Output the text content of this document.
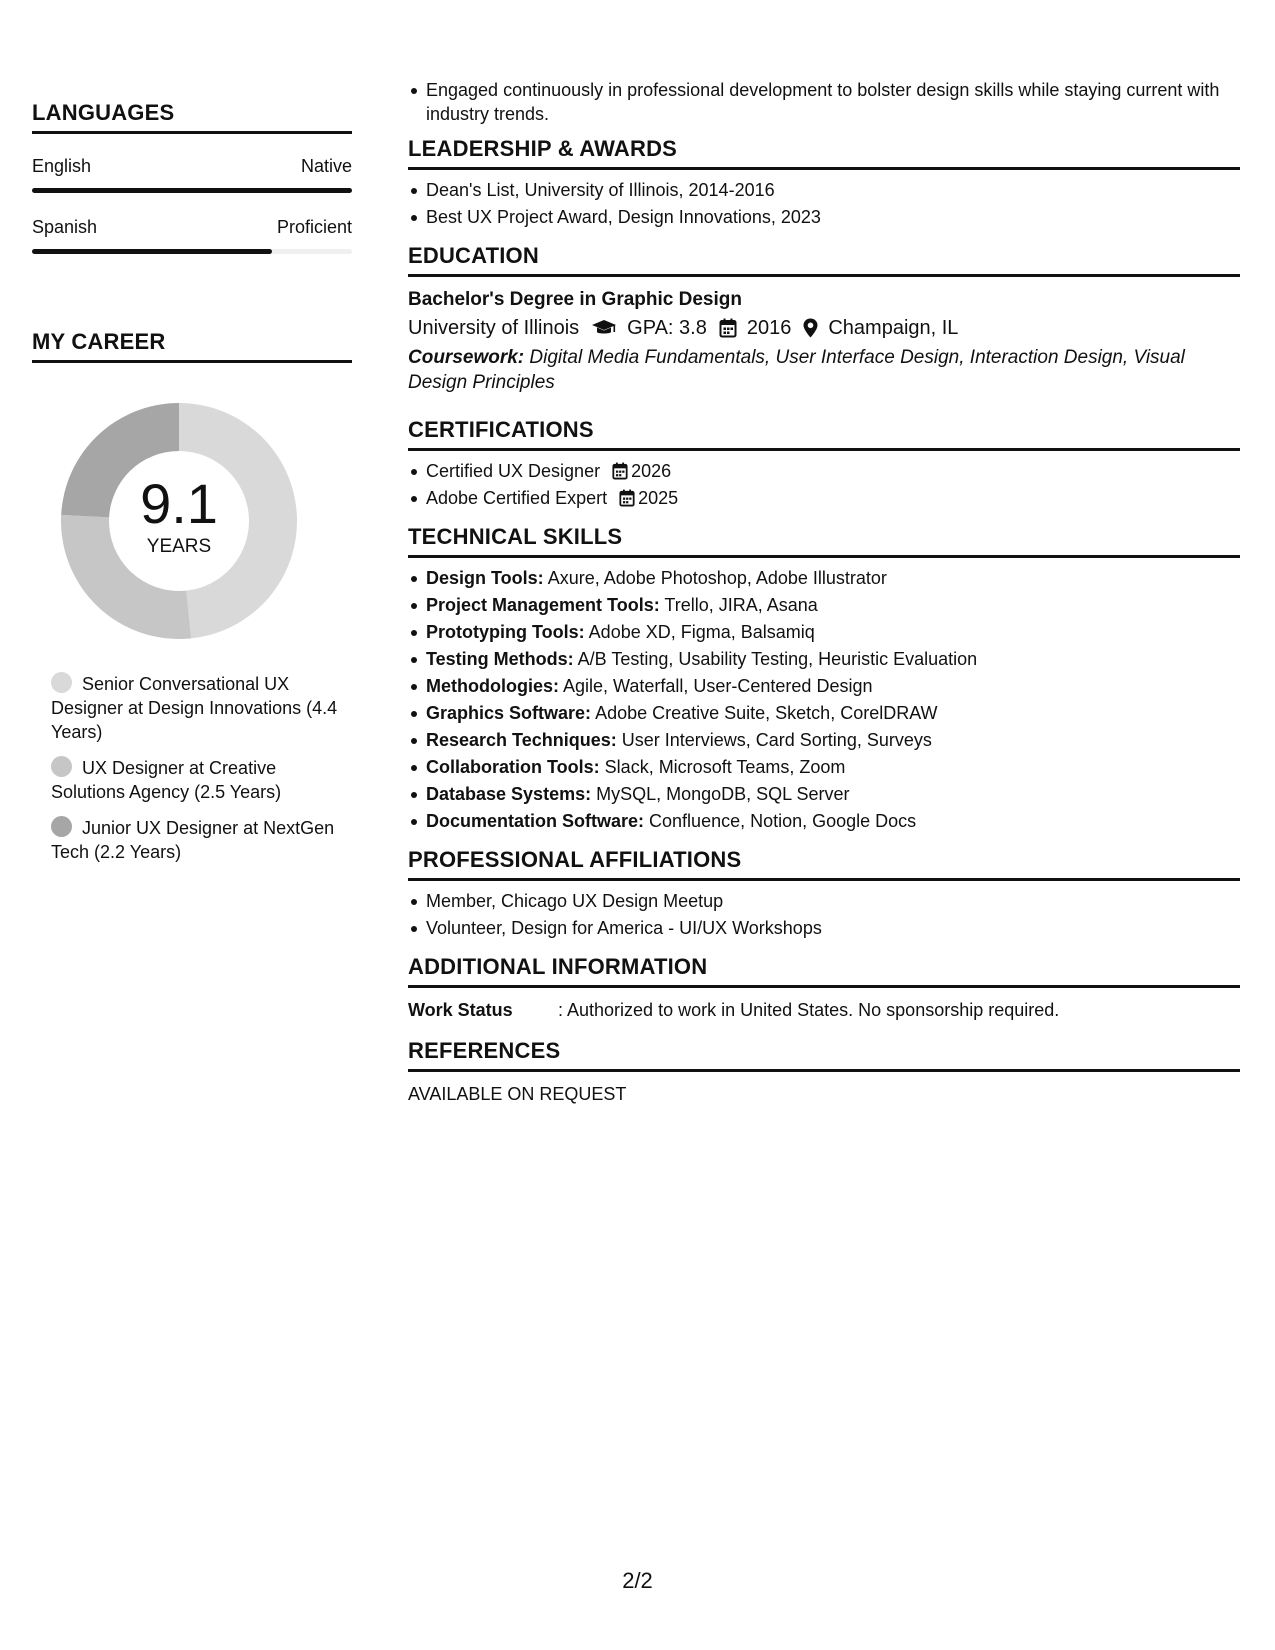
LANGUAGES
English	Native
Spanish	Proficient
MY CAREER
9.1
YEARS
Senior Conversational UX Designer at Design Innovations (4.4 Years)
UX Designer at Creative Solutions Agency (2.5 Years)
Junior UX Designer at NextGen Tech (2.2 Years)
Engaged continuously in professional development to bolster design skills while staying current with industry trends.
LEADERSHIP & AWARDS
Dean's List, University of Illinois, 2014-2016
Best UX Project Award, Design Innovations, 2023
EDUCATION
Bachelor's Degree in Graphic Design
University of Illinois GPA: 3.8 2016 Champaign, IL
Coursework: Digital Media Fundamentals, User Interface Design, Interaction Design, Visual Design Principles
CERTIFICATIONS
Certified UX Designer 2026
Adobe Certified Expert 2025
TECHNICAL SKILLS
Design Tools: Axure, Adobe Photoshop, Adobe Illustrator
Project Management Tools: Trello, JIRA, Asana
Prototyping Tools: Adobe XD, Figma, Balsamiq
Testing Methods: A/B Testing, Usability Testing, Heuristic Evaluation
Methodologies: Agile, Waterfall, User-Centered Design
Graphics Software: Adobe Creative Suite, Sketch, CorelDRAW
Research Techniques: User Interviews, Card Sorting, Surveys
Collaboration Tools: Slack, Microsoft Teams, Zoom
Database Systems: MySQL, MongoDB, SQL Server
Documentation Software: Confluence, Notion, Google Docs
PROFESSIONAL AFFILIATIONS
Member, Chicago UX Design Meetup
Volunteer, Design for America - UI/UX Workshops
ADDITIONAL INFORMATION
Work Status	: Authorized to work in United States. No sponsorship required.
REFERENCES
AVAILABLE ON REQUEST
2/2
